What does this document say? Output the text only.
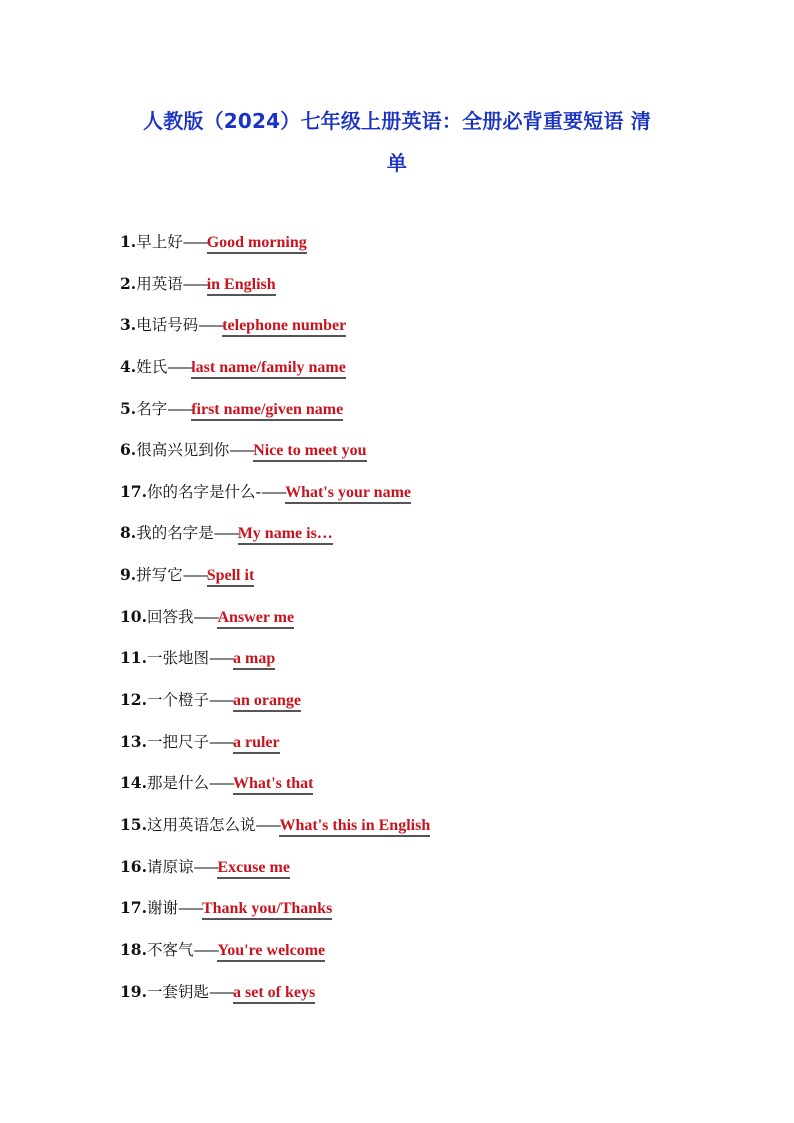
人教版（2024）七年级上册英语：全册必背重要短语 清
单
1.早上好——Good morning
2.用英语——in English
3.电话号码——telephone number
4.姓氏——last name/family name
5.名字——first name/given name
6.很高兴见到你——Nice to meet you
17.你的名字是什么-——What's your name
8.我的名字是——My name is…
9.拼写它——Spell it
10.回答我——Answer me
11.一张地图——a map
12.一个橙子——an orange
13.一把尺子——a ruler
14.那是什么——What's that
15.这用英语怎么说——What's this in English
16.请原谅——Excuse me
17.谢谢——Thank you/Thanks
18.不客气——You're welcome
19.一套钥匙——a set of keys
